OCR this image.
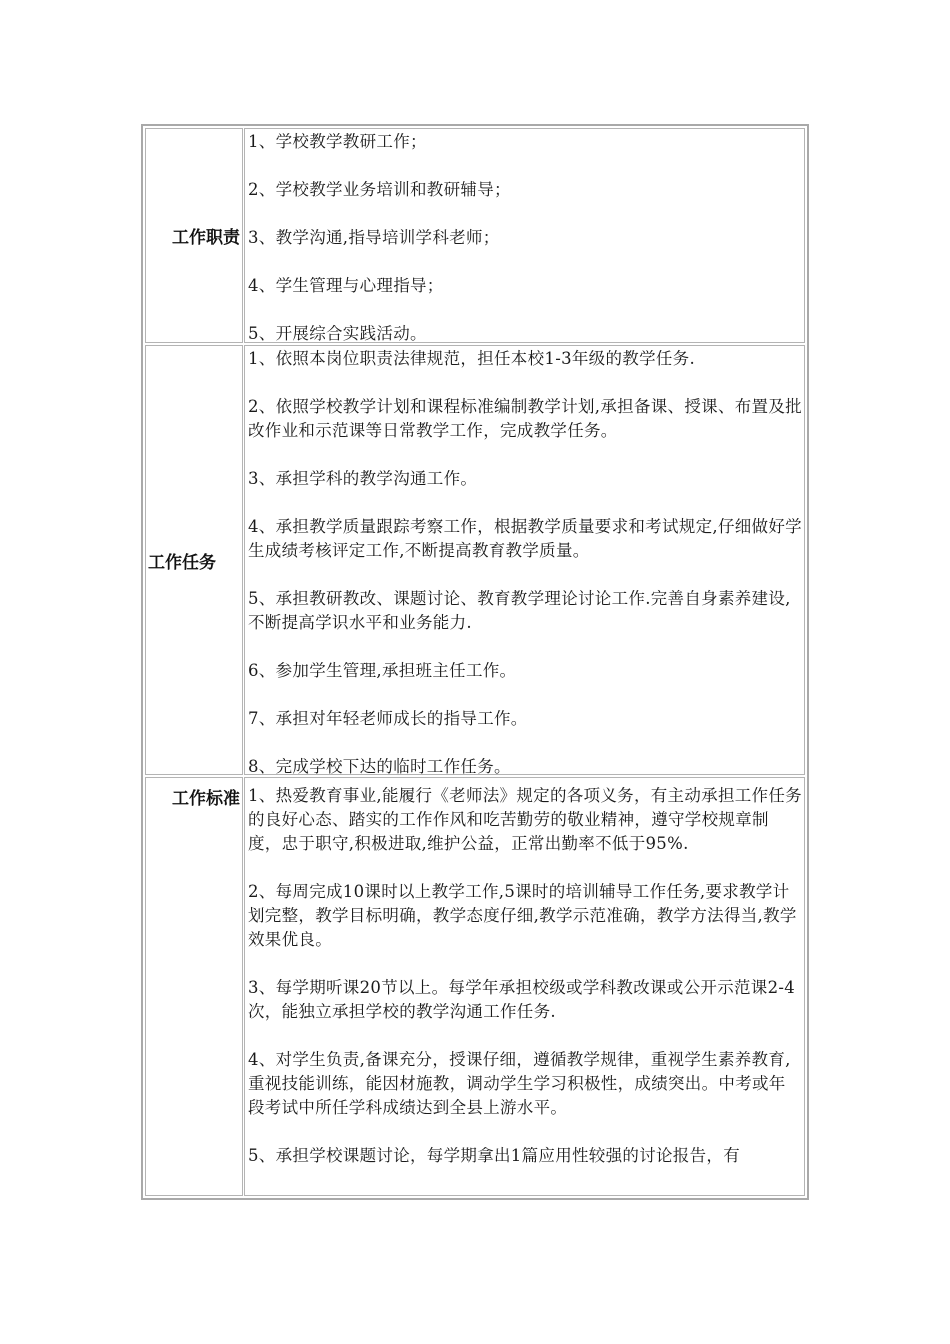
工作职责
1、学校教学教研工作；
2、学校教学业务培训和教研辅导；
3、教学沟通,指导培训学科老师；
4、学生管理与心理指导；
5、开展综合实践活动。
工作任务
1、依照本岗位职责法律规范，担任本校1-3年级的教学任务.
2、依照学校教学计划和课程标准编制教学计划,承担备课、授课、布置及批改作业和示范课等日常教学工作，完成教学任务。
3、承担学科的教学沟通工作。
4、承担教学质量跟踪考察工作，根据教学质量要求和考试规定,仔细做好学生成绩考核评定工作,不断提高教育教学质量。
5、承担教研教改、课题讨论、教育教学理论讨论工作.完善自身素养建设,不断提高学识水平和业务能力.
6、参加学生管理,承担班主任工作。
7、承担对年轻老师成长的指导工作。
8、完成学校下达的临时工作任务。
工作标准 1、热爱教育事业,能履行《老师法》规定的各项义务，有主动承担工作任务的良好心态、踏实的工作作风和吃苦勤劳的敬业精神，遵守学校规章制度，忠于职守,积极进取,维护公益，正常出勤率不低于95%.
2、每周完成10课时以上教学工作,5课时的培训辅导工作任务,要求教学计划完整，教学目标明确，教学态度仔细,教学示范准确，教学方法得当,教学效果优良。
3、每学期听课20节以上。每学年承担校级或学科教改课或公开示范课2-4次，能独立承担学校的教学沟通工作任务.
4、对学生负责,备课充分，授课仔细，遵循教学规律，重视学生素养教育,重视技能训练，能因材施教，调动学生学习积极性，成绩突出。中考或年段考试中所任学科成绩达到全县上游水平。
5、承担学校课题讨论，每学期拿出1篇应用性较强的讨论报告，有
